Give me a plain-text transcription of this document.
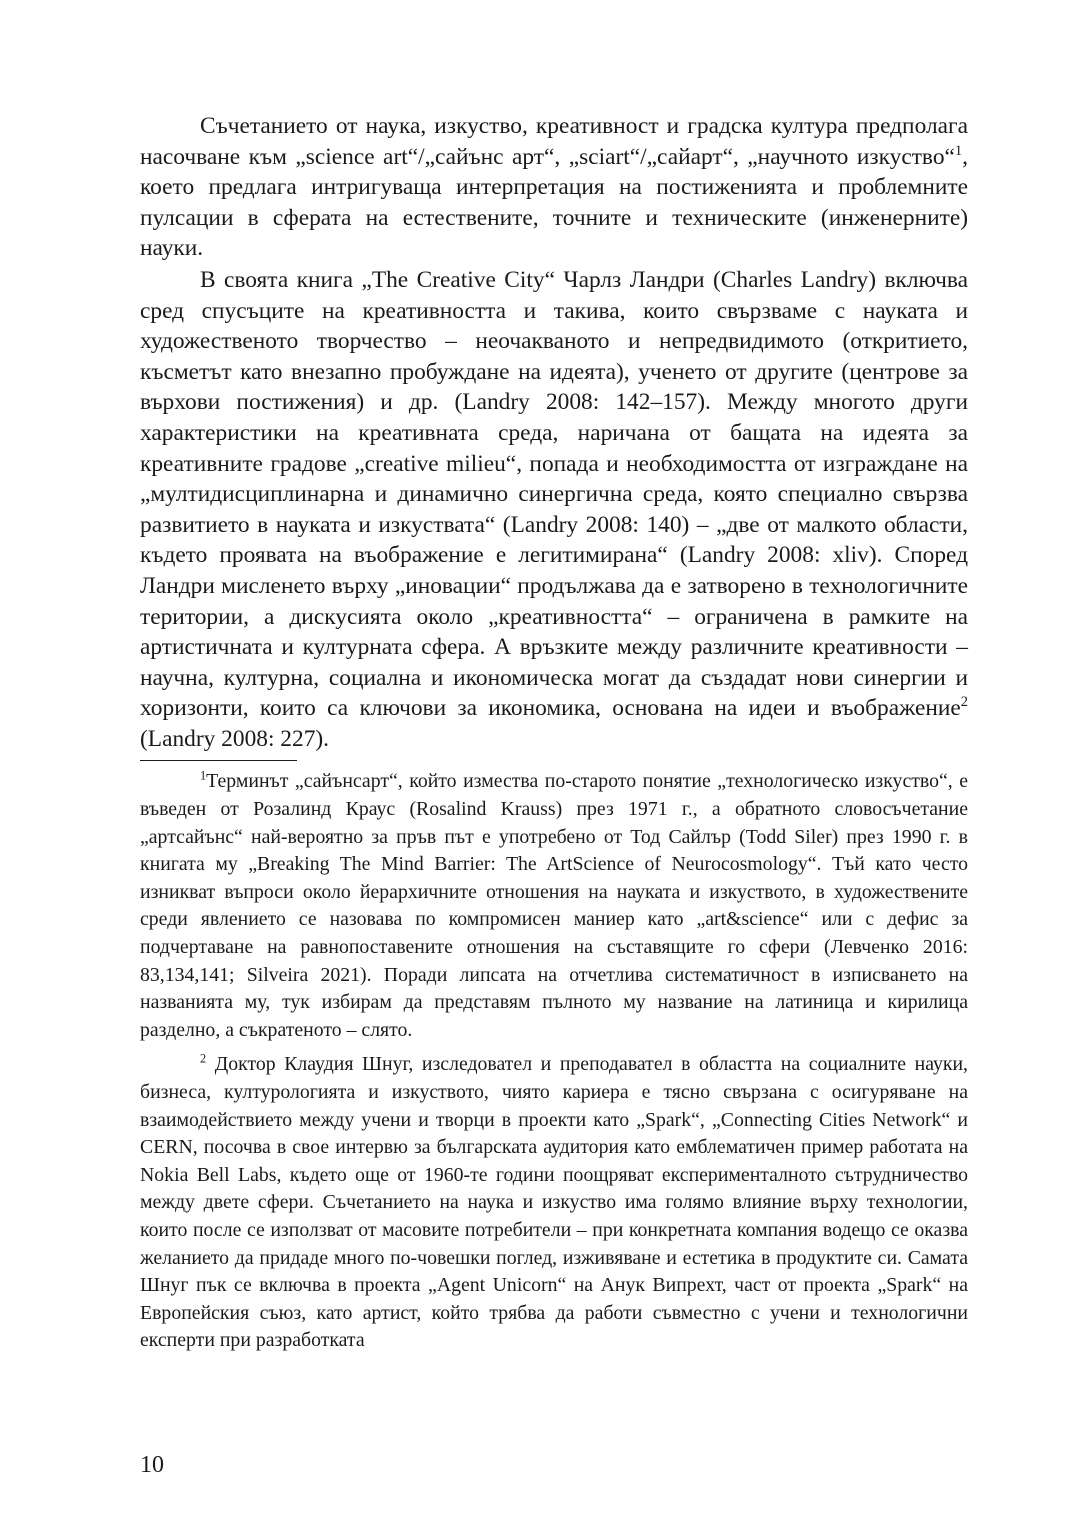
Съчетанието от наука, изкуство, креативност и градска култура предполага насочване към „science art“/„сайънс арт“, „sciart“/„сайарт“, „научното изкуство“$^1$, което предлага интригуваща интерпретация на постиженията и проблемните пулсации в сферата на естествените, точните и техническите (инженерните) науки.

В своята книга „The Creative City“ Чарлз Ландри (Charles Landry) включва сред спусъците на креативността и такива, които свързваме с науката и художественото творчество – неочакваното и непредвидимото (откритието, късметът като внезапно пробуждане на идеята), ученето от другите (центрове за върхови постижения) и др. (Landry 2008: 142–157). Между многото други характеристики на креативната среда, наричана от бащата на идеята за креативните градове „creative milieu“, попада и необходимостта от изграждане на „мултидисциплинарна и динамично синергична среда, която специално свързва развитието в науката и изкуствата“ (Landry 2008: 140) – „две от малкото области, където проявата на въображение е легитимирана“ (Landry 2008: xliv). Според Ландри мисленето върху „иновации“ продължава да е затворено в технологичните територии, а дискусията около „креативността“ – ограничена в рамките на артистичната и културната сфера. А връзките между различните креативности – научна, културна, социална и икономическа могат да създадат нови синергии и хоризонти, които са ключови за икономика, основана на идеи и въображение$^2$ (Landry 2008: 227).

$^1$Терминът „сайънсарт“, който измества по-старото понятие „технологическо изкуство“, е въведен от Розалинд Краус (Rosalind Krauss) през 1971 г., а обратното словосъчетание „артсайънс“ най-вероятно за пръв път е употребено от Тод Сайлър (Todd Siler) през 1990 г. в книгата му „Breaking The Mind Barrier: The ArtScience of Neurocosmology“. Тъй като често изникват въпроси около йерархичните отношения на науката и изкуството, в художествените среди явлението се назовава по компромисен маниер като „art&science“ или с дефис за подчертаване на равнопоставените отношения на съставящите го сфери (Левченко 2016: 83,134,141; Silveira 2021). Поради липсата на отчетлива систематичност в изписването на названията му, тук избирам да представям пълното му название на латиница и кирилица разделно, а съкратеното – слято.

$^2$ Доктор Клаудия Шнуг, изследовател и преподавател в областта на социалните науки, бизнеса, културологията и изкуството, чиято кариера е тясно свързана с осигуряване на взаимодействието между учени и творци в проекти като „Spark“, „Connecting Cities Network“ и CERN, посочва в свое интервю за българската аудитория като емблематичен пример работата на Nokia Bell Labs, където още от 1960-те години поощряват експерименталното сътрудничество между двете сфери. Съчетанието на наука и изкуство има голямо влияние върху технологии, които после се използват от масовите потребители – при конкретната компания водещо се оказва желанието да придаде много по-човешки поглед, изживяване и естетика в продуктите си. Самата Шнуг пък се включва в проекта „Agent Unicorn“ на Анук Випрехт, част от проекта „Spark“ на Европейския съюз, като артист, който трябва да работи съвместно с учени и технологични експерти при разработката

10
